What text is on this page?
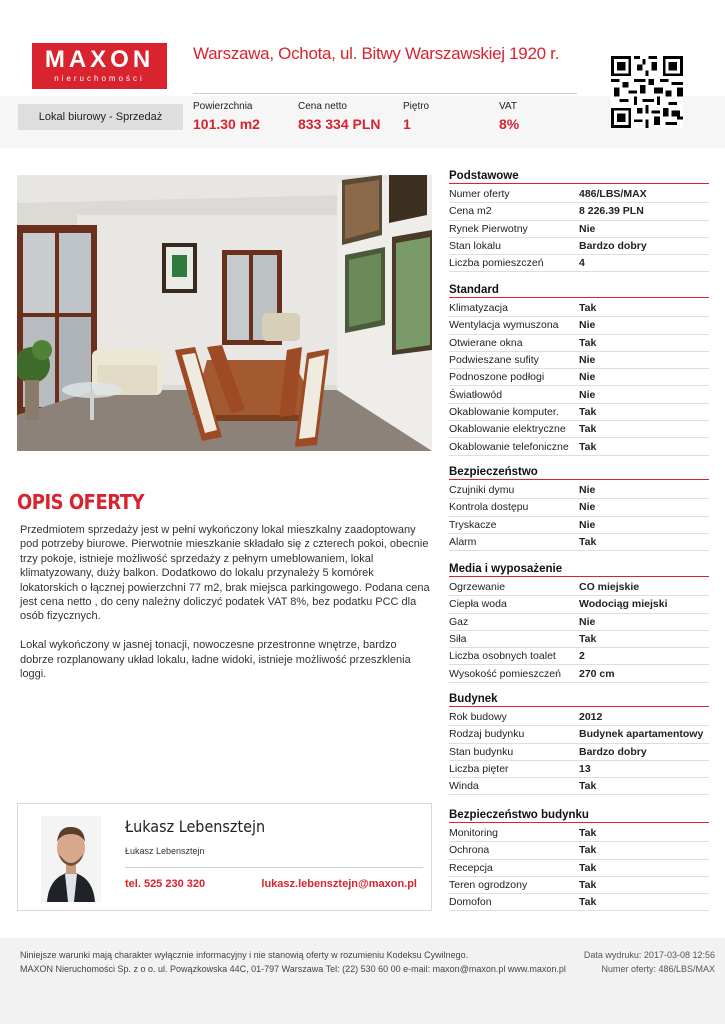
MAXON
nieruchomości
Warszawa, Ochota, ul. Bitwy Warszawskiej 1920 r.
Lokal biurowy - Sprzedaż
Powierzchnia
101.30 m2
Cena netto
833 334 PLN
Piętro
1
VAT
8%
OPIS OFERTY

Przedmiotem sprzedaży jest w pełni wykończony lokal mieszkalny zaadoptowany pod potrzeby biurowe. Pierwotnie mieszkanie składało się z czterech pokoi, obecnie trzy pokoje, istnieje możliwość sprzedaży z pełnym umeblowaniem, lokal klimatyzowany, duży balkon. Dodatkowo do lokalu przynależy 5 komórek lokatorskich o łącznej powierzchni 77 m2, brak miejsca parkingowego. Podana cena jest cena netto , do ceny należny doliczyć podatek VAT 8%, bez podatku PCC dla osób fizycznych.

Lokal wykończony w jasnej tonacji, nowoczesne przestronne wnętrze, bardzo dobrze rozplanowany układ lokalu, ładne widoki, istnieje możliwość przeszklenia loggi.

Łukasz Lebensztejn
Łukasz Lebensztejn
tel. 525 230 320	lukasz.lebensztejn@maxon.pl
Podstawowe
Numer oferty	486/LBS/MAX
Cena m2	8 226.39 PLN
Rynek Pierwotny	Nie
Stan lokalu	Bardzo dobry
Liczba pomieszczeń	4
Standard
Klimatyzacja	Tak
Wentylacja wymuszona	Nie
Otwierane okna	Tak
Podwieszane sufity	Nie
Podnoszone podłogi	Nie
Światłowód	Nie
Okablowanie komputer.	Tak
Okablowanie elektryczne	Tak
Okablowanie telefoniczne Tak
Bezpieczeństwo
Czujniki dymu	Nie
Kontrola dostępu	Nie
Tryskacze	Nie
Alarm	Tak
Media i wyposażenie
Ogrzewanie	CO miejskie
Ciepła woda	Wodociąg miejski
Gaz	Nie
Siła	Tak
Liczba osobnych toalet	2
Wysokość pomieszczeń	270 cm
Budynek
Rok budowy	2012
Rodzaj budynku	Budynek apartamentowy
Stan budynku	Bardzo dobry
Liczba pięter	13
Winda	Tak
Bezpieczeństwo budynku
Monitoring	Tak
Ochrona	Tak
Recepcja	Tak
Teren ogrodzony	Tak
Domofon	Tak
Niniejsze warunki mają charakter wyłącznie informacyjny i nie stanowią oferty w rozumieniu Kodeksu Cywilnego.
MAXON Nieruchomości Sp. z o o. ul. Powązkowska 44C, 01-797 Warszawa Tel: (22) 530 60 00 e-mail: maxon@maxon.pl www.maxon.pl
Data wydruku: 2017-03-08 12:56
Numer oferty: 486/LBS/MAX
